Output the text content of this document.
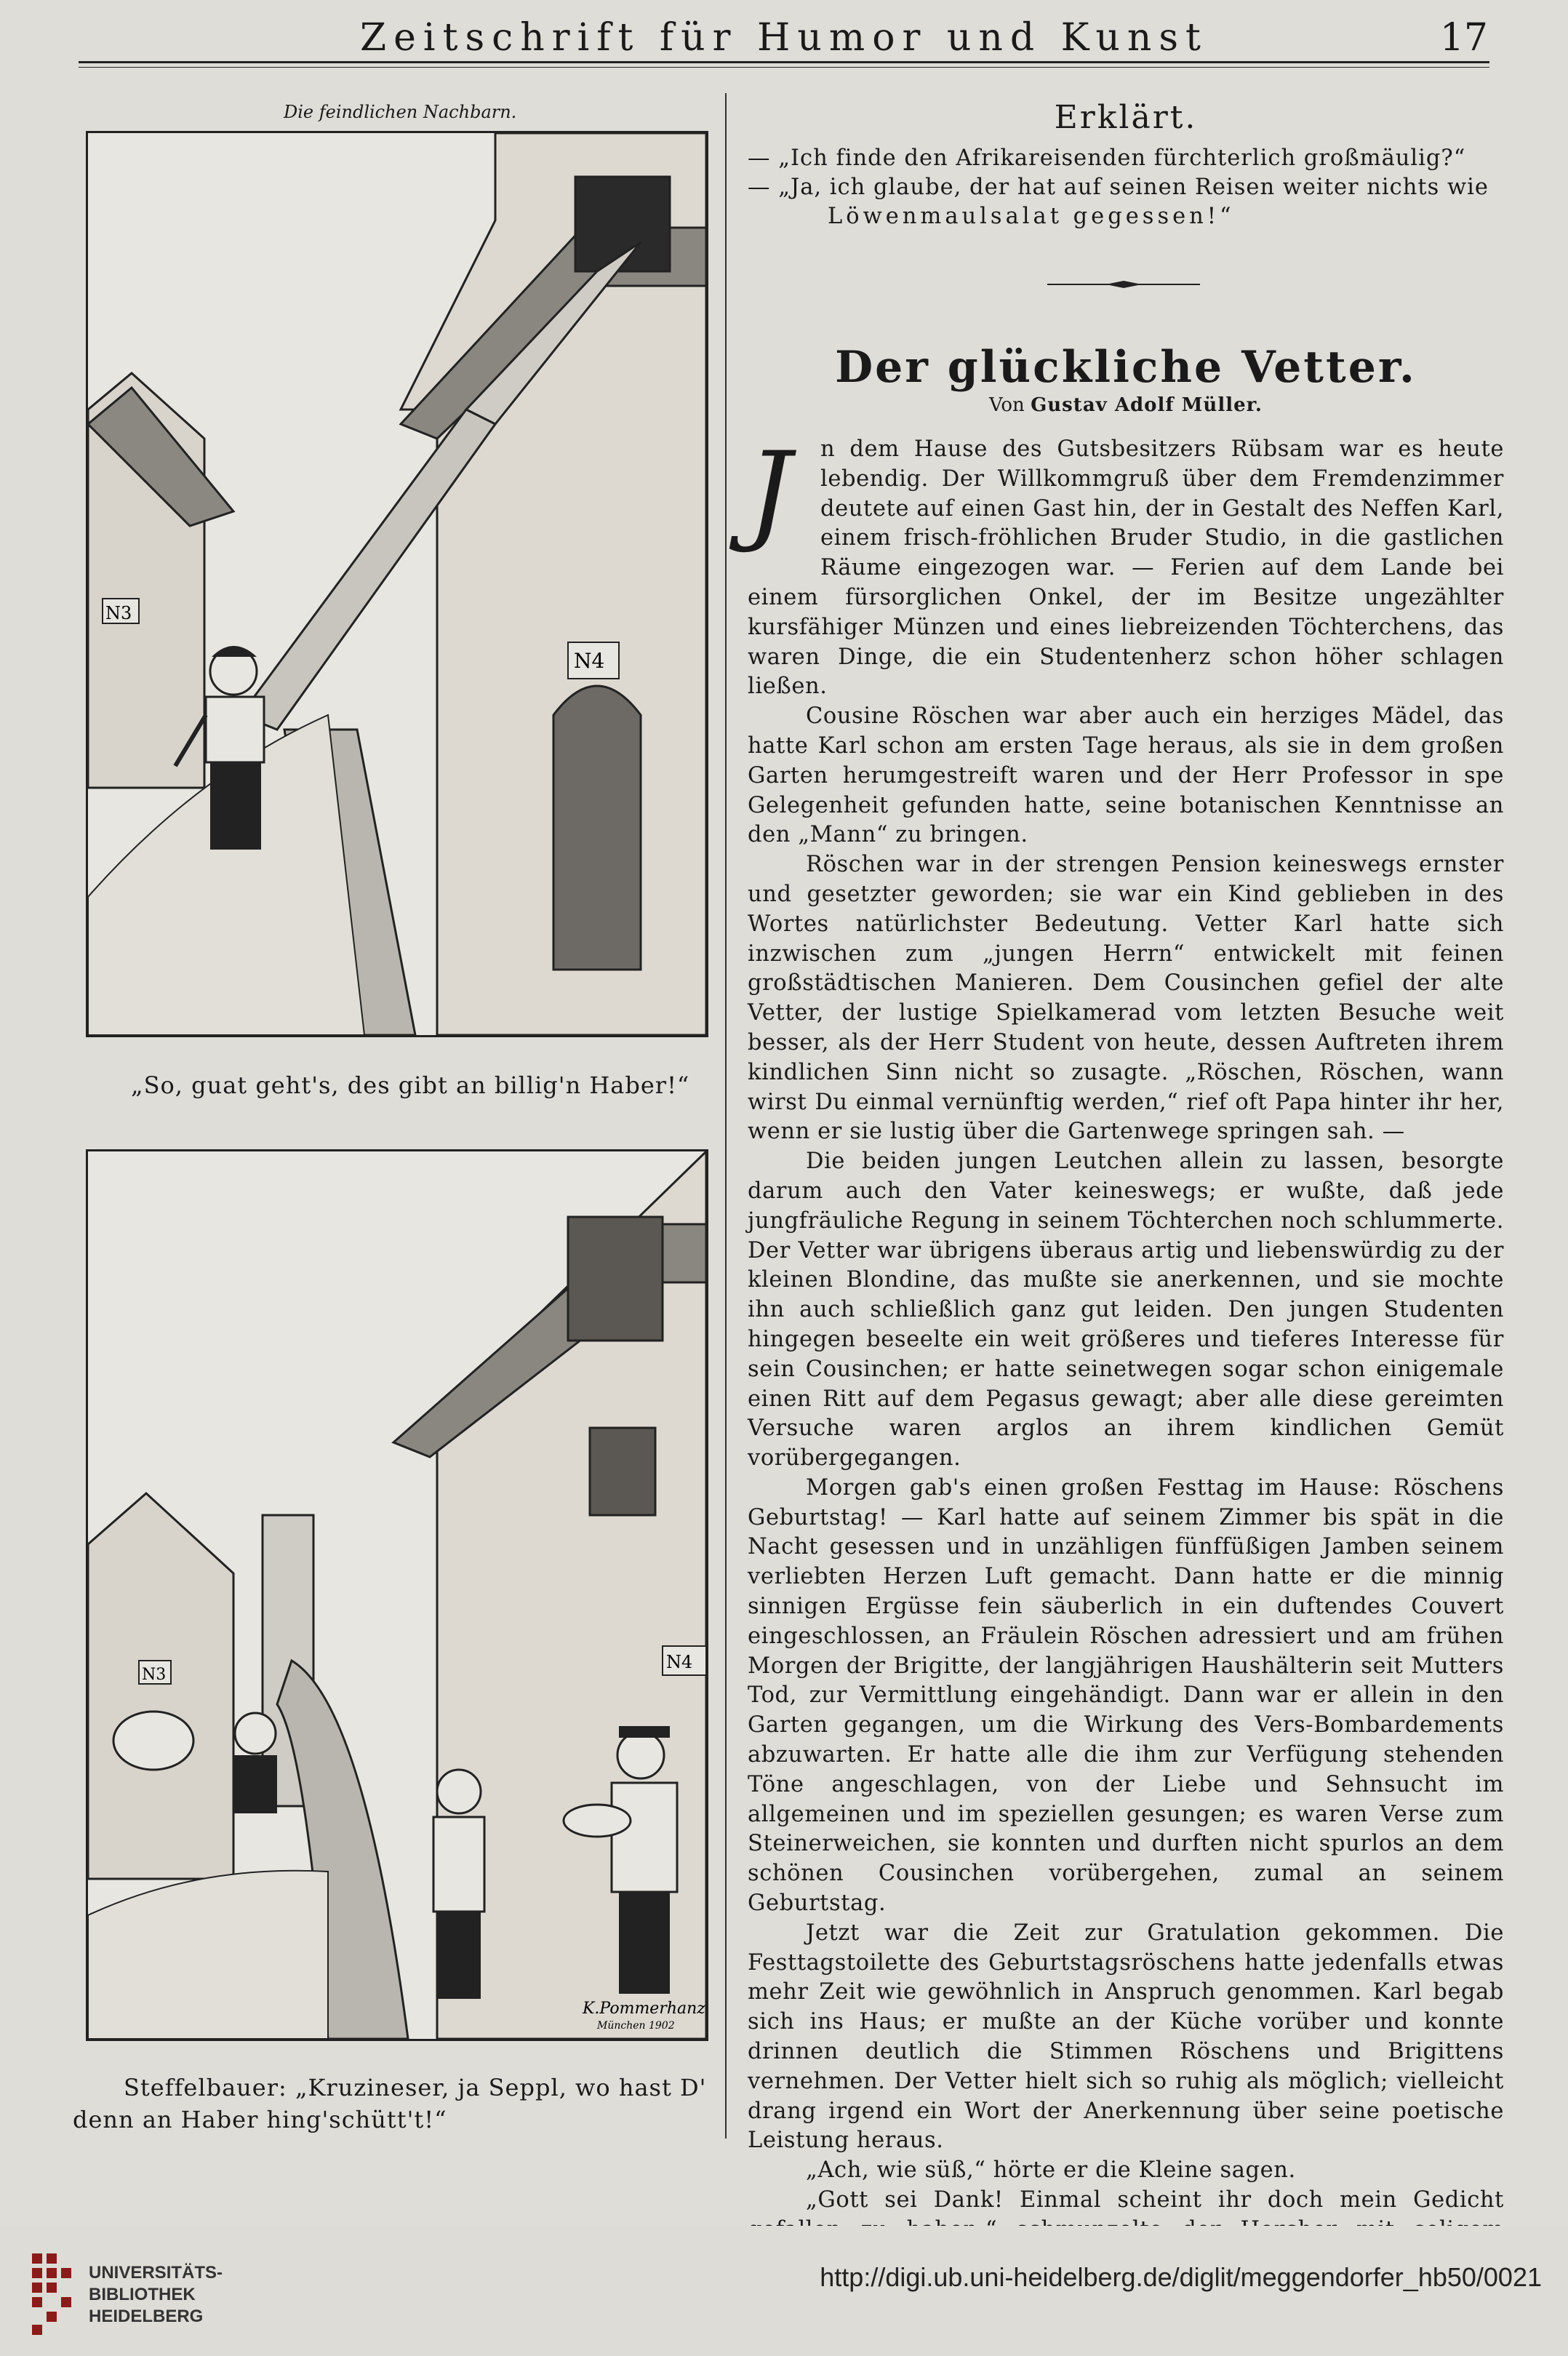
Zeitschrift für Humor und Kunst	17
Die feindlichen Nachbarn.
N4
N3
„So, guat geht's, des gibt an billig'n Haber!“
N4
N3
K.Pommerhanz
München 1902
Steffelbauer: „Kruzineser, ja Seppl, wo hast D'
denn an Haber hing'schütt't!“
Erklärt.

— „Ich finde den Afrikareisenden fürchterlich großmäulig?“

— „Ja, ich glaube, der hat auf seinen Reisen weiter nichts wie

Löwenmaulsalat gegessen!“

Der glückliche Vetter.
Von Gustav Adolf Müller.

J	n dem Hause des Gutsbesitzers Rübsam war es heute lebendig. Der Willkommgruß über dem Fremdenzimmer deutete auf einen Gast hin, der in Gestalt des Neffen Karl, einem frisch-fröhlichen Bruder Studio, in die gastlichen Räume eingezogen war. — Ferien auf dem Lande bei einem fürsorglichen Onkel, der im Besitze ungezählter kursfähiger Münzen und eines liebreizenden Töchterchens, das waren Dinge, die ein Studentenherz schon höher schlagen ließen.

Cousine Röschen war aber auch ein herziges Mädel, das hatte Karl schon am ersten Tage heraus, als sie in dem großen Garten herumgestreift waren und der Herr Professor in spe Gelegenheit gefunden hatte, seine botanischen Kenntnisse an den „Mann“ zu bringen.

Röschen war in der strengen Pension keineswegs ernster und gesetzter geworden; sie war ein Kind geblieben in des Wortes natürlichster Bedeutung. Vetter Karl hatte sich inzwischen zum „jungen Herrn“ entwickelt mit feinen großstädtischen Manieren. Dem Cousinchen gefiel der alte Vetter, der lustige Spielkamerad vom letzten Besuche weit besser, als der Herr Student von heute, dessen Auftreten ihrem kindlichen Sinn nicht so zusagte. „Röschen, Röschen, wann wirst Du einmal vernünftig werden,“ rief oft Papa hinter ihr her, wenn er sie lustig über die Gartenwege springen sah. —

Die beiden jungen Leutchen allein zu lassen, besorgte darum auch den Vater keineswegs; er wußte, daß jede jungfräuliche Regung in seinem Töchterchen noch schlummerte. Der Vetter war übrigens überaus artig und liebenswürdig zu der kleinen Blondine, das mußte sie anerkennen, und sie mochte ihn auch schließlich ganz gut leiden. Den jungen Studenten hingegen beseelte ein weit größeres und tieferes Interesse für sein Cousinchen; er hatte seinetwegen sogar schon einigemale einen Ritt auf dem Pegasus gewagt; aber alle diese gereimten Versuche waren arglos an ihrem kindlichen Gemüt vorübergegangen.

Morgen gab's einen großen Festtag im Hause: Röschens Geburtstag! — Karl hatte auf seinem Zimmer bis spät in die Nacht gesessen und in unzähligen fünffüßigen Jamben seinem verliebten Herzen Luft gemacht. Dann hatte er die minnig sinnigen Ergüsse fein säuberlich in ein duftendes Couvert eingeschlossen, an Fräulein Röschen adressiert und am frühen Morgen der Brigitte, der langjährigen Haushälterin seit Mutters Tod, zur Vermittlung eingehändigt. Dann war er allein in den Garten gegangen, um die Wirkung des Vers-Bombardements abzuwarten. Er hatte alle die ihm zur Verfügung stehenden Töne angeschlagen, von der Liebe und Sehnsucht im allgemeinen und im speziellen gesungen; es waren Verse zum Steinerweichen, sie konnten und durften nicht spurlos an dem schönen Cousinchen vorübergehen, zumal an seinem Geburtstag.

Jetzt war die Zeit zur Gratulation gekommen. Die Festtagstoilette des Geburtstagsröschens hatte jedenfalls etwas mehr Zeit wie gewöhnlich in Anspruch genommen. Karl begab sich ins Haus; er mußte an der Küche vorüber und konnte drinnen deutlich die Stimmen Röschens und Brigittens vernehmen. Der Vetter hielt sich so ruhig als möglich; vielleicht drang irgend ein Wort der Anerkennung über seine poetische Leistung heraus.

„Ach, wie süß,“ hörte er die Kleine sagen.

„Gott sei Dank! Einmal scheint ihr doch mein Gedicht

UNIVERSITÄTS-
BIBLIOTHEK
HEIDELBERG
http://digi.ub.uni-heidelberg.de/diglit/meggendorfer_hb50/0021
